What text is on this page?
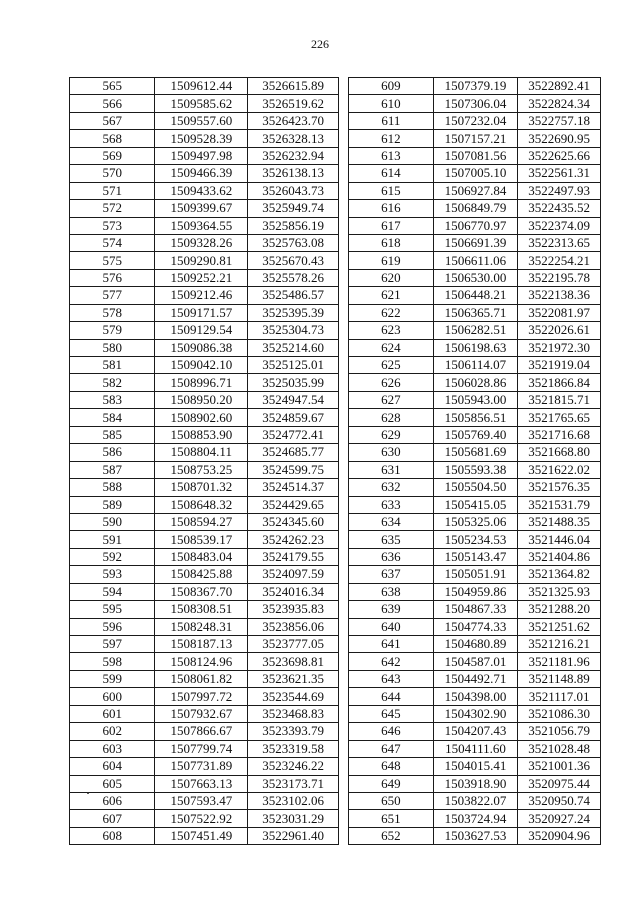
226
565	1509612.44	3526615.89
566	1509585.62	3526519.62
567	1509557.60	3526423.70
568	1509528.39	3526328.13
569	1509497.98	3526232.94
570	1509466.39	3526138.13
571	1509433.62	3526043.73
572	1509399.67	3525949.74
573	1509364.55	3525856.19
574	1509328.26	3525763.08
575	1509290.81	3525670.43
576	1509252.21	3525578.26
577	1509212.46	3525486.57
578	1509171.57	3525395.39
579	1509129.54	3525304.73
580	1509086.38	3525214.60
581	1509042.10	3525125.01
582	1508996.71	3525035.99
583	1508950.20	3524947.54
584	1508902.60	3524859.67
585	1508853.90	3524772.41
586	1508804.11	3524685.77
587	1508753.25	3524599.75
588	1508701.32	3524514.37
589	1508648.32	3524429.65
590	1508594.27	3524345.60
591	1508539.17	3524262.23
592	1508483.04	3524179.55
593	1508425.88	3524097.59
594	1508367.70	3524016.34
595	1508308.51	3523935.83
596	1508248.31	3523856.06
597	1508187.13	3523777.05
598	1508124.96	3523698.81
599	1508061.82	3523621.35
600	1507997.72	3523544.69
601	1507932.67	3523468.83
602	1507866.67	3523393.79
603	1507799.74	3523319.58
604	1507731.89	3523246.22
605	1507663.13	3523173.71
606	1507593.47	3523102.06
607	1507522.92	3523031.29
608	1507451.49	3522961.40
609	1507379.19	3522892.41
610	1507306.04	3522824.34
611	1507232.04	3522757.18
612	1507157.21	3522690.95
613	1507081.56	3522625.66
614	1507005.10	3522561.31
615	1506927.84	3522497.93
616	1506849.79	3522435.52
617	1506770.97	3522374.09
618	1506691.39	3522313.65
619	1506611.06	3522254.21
620	1506530.00	3522195.78
621	1506448.21	3522138.36
622	1506365.71	3522081.97
623	1506282.51	3522026.61
624	1506198.63	3521972.30
625	1506114.07	3521919.04
626	1506028.86	3521866.84
627	1505943.00	3521815.71
628	1505856.51	3521765.65
629	1505769.40	3521716.68
630	1505681.69	3521668.80
631	1505593.38	3521622.02
632	1505504.50	3521576.35
633	1505415.05	3521531.79
634	1505325.06	3521488.35
635	1505234.53	3521446.04
636	1505143.47	3521404.86
637	1505051.91	3521364.82
638	1504959.86	3521325.93
639	1504867.33	3521288.20
640	1504774.33	3521251.62
641	1504680.89	3521216.21
642	1504587.01	3521181.96
643	1504492.71	3521148.89
644	1504398.00	3521117.01
645	1504302.90	3521086.30
646	1504207.43	3521056.79
647	1504111.60	3521028.48
648	1504015.41	3521001.36
649	1503918.90	3520975.44
650	1503822.07	3520950.74
651	1503724.94	3520927.24
652	1503627.53	3520904.96
